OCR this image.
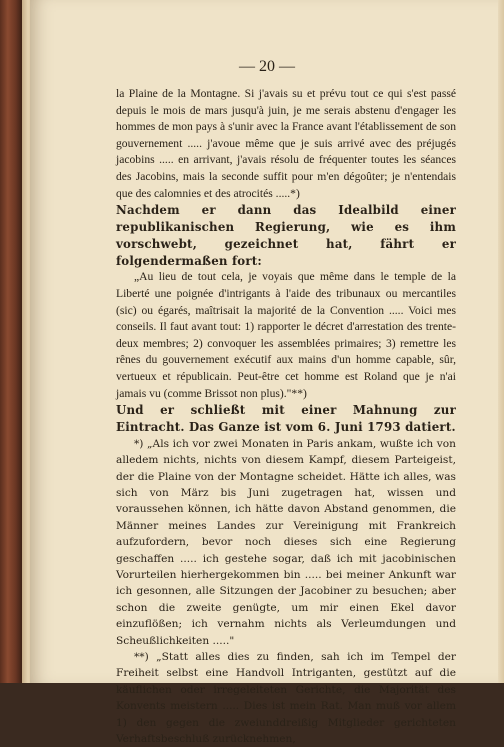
— 20 —

la Plaine de la Montagne. Si j'avais su et prévu tout ce qui s'est passé depuis le mois de mars jusqu'à juin, je me serais abstenu d'engager les hommes de mon pays à s'unir avec la France avant l'établissement de son gouvernement ..... j'avoue même que je suis arrivé avec des préjugés jacobins ..... en arrivant, j'avais résolu de fréquenter toutes les séances des Jacobins, mais la seconde suffit pour m'en dégoûter; je n'entendais que des calomnies et des atrocités .....*)

Nachdem er dann das Idealbild einer republikanischen Regierung, wie es ihm vorschwebt, gezeichnet hat, fährt er folgendermaßen fort:

„Au lieu de tout cela, je voyais que même dans le temple de la Liberté une poignée d'intrigants à l'aide des tribunaux ou mercantiles (sic) ou égarés, maîtrisait la majorité de la Convention ..... Voici mes conseils. Il faut avant tout: 1) rapporter le décret d'arrestation des trente-deux membres; 2) convoquer les assemblées primaires; 3) remettre les rênes du gouvernement exécutif aux mains d'un homme capable, sûr, vertueux et républicain. Peut-être cet homme est Roland que je n'ai jamais vu (comme Brissot non plus)."**)

Und er schließt mit einer Mahnung zur Eintracht. Das Ganze ist vom 6. Juni 1793 datiert.

*) „Als ich vor zwei Monaten in Paris ankam, wußte ich von alledem nichts, nichts von diesem Kampf, diesem Parteigeist, der die Plaine von der Montagne scheidet. Hätte ich alles, was sich von März bis Juni zugetragen hat, wissen und voraussehen können, ich hätte davon Abstand genommen, die Männer meines Landes zur Vereinigung mit Frankreich aufzufordern, bevor noch dieses sich eine Regierung geschaffen ..... ich gestehe sogar, daß ich mit jacobinischen Vorurteilen hierhergekommen bin ..... bei meiner Ankunft war ich gesonnen, alle Sitzungen der Jacobiner zu besuchen; aber schon die zweite genügte, um mir einen Ekel davor einzuflößen; ich vernahm nichts als Verleumdungen und Scheußlichkeiten ....."

**) „Statt alles dies zu finden, sah ich im Tempel der Freiheit selbst eine Handvoll Intriganten, gestützt auf die käuflichen oder irregeleiteten Gerichte, die Majorität des Konvents meistern ..... Dies ist mein Rat. Man muß vor allem 1) den gegen die zweiunddreißig Mitglieder gerichteten Verhaftsbeschluß zurücknehmen,
